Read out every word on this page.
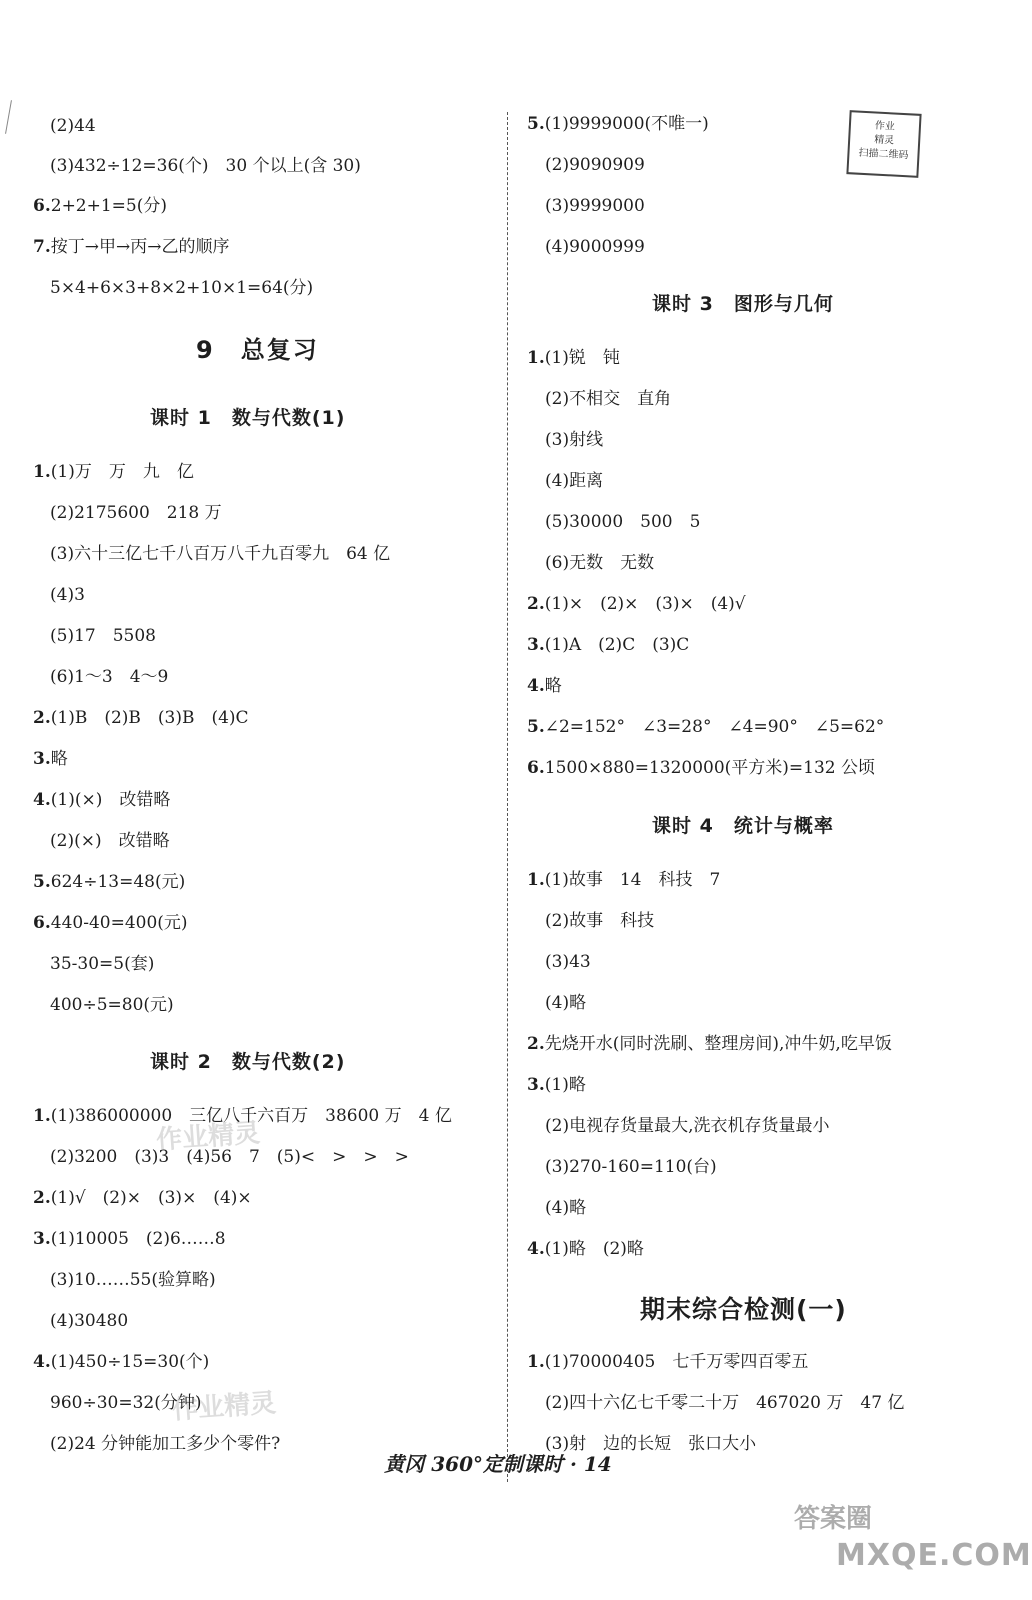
(2)44
(3)432÷12=36(个)　30 个以上(含 30)
6.2+2+1=5(分)
7.按丁→甲→丙→乙的顺序
5×4+6×3+8×2+10×1=64(分)
9　总复习
课时 1　数与代数(1)
1.(1)万　万　九　亿
(2)2175600　218 万
(3)六十三亿七千八百万八千九百零九　64 亿
(4)3
(5)17　5508
(6)1～3　4～9
2.(1)B　(2)B　(3)B　(4)C
3.略
4.(1)(×)　改错略
(2)(×)　改错略
5.624÷13=48(元)
6.440-40=400(元)
35-30=5(套)
400÷5=80(元)
课时 2　数与代数(2)
1.(1)386000000　三亿八千六百万　38600 万　4 亿
(2)3200　(3)3　(4)56　7　(5)<　>　>　>
2.(1)√　(2)×　(3)×　(4)×
3.(1)10005　(2)6……8
(3)10……55(验算略)
(4)30480
4.(1)450÷15=30(个)
960÷30=32(分钟)
(2)24 分钟能加工多少个零件?
作业精灵
作业精灵
5.(1)9999000(不唯一)
(2)9090909
(3)9999000
(4)9000999
课时 3　图形与几何
1.(1)锐　钝
(2)不相交　直角
(3)射线
(4)距离
(5)30000　500　5
(6)无数　无数
2.(1)×　(2)×　(3)×　(4)√
3.(1)A　(2)C　(3)C
4.略
5.∠2=152°　∠3=28°　∠4=90°　∠5=62°
6.1500×880=1320000(平方米)=132 公顷
课时 4　统计与概率
1.(1)故事　14　科技　7
(2)故事　科技
(3)43
(4)略
2.先烧开水(同时洗刷、整理房间),冲牛奶,吃早饭
3.(1)略
(2)电视存货量最大,洗衣机存货量最小
(3)270-160=110(台)
(4)略
4.(1)略　(2)略
期末综合检测(一)
1.(1)70000405　七千万零四百零五
(2)四十六亿七千零二十万　467020 万　47 亿
(3)射　边的长短　张口大小
作业
精灵
扫描二维码
黄冈 360°定制课时 · 14
答案圈
MXQE.COM
